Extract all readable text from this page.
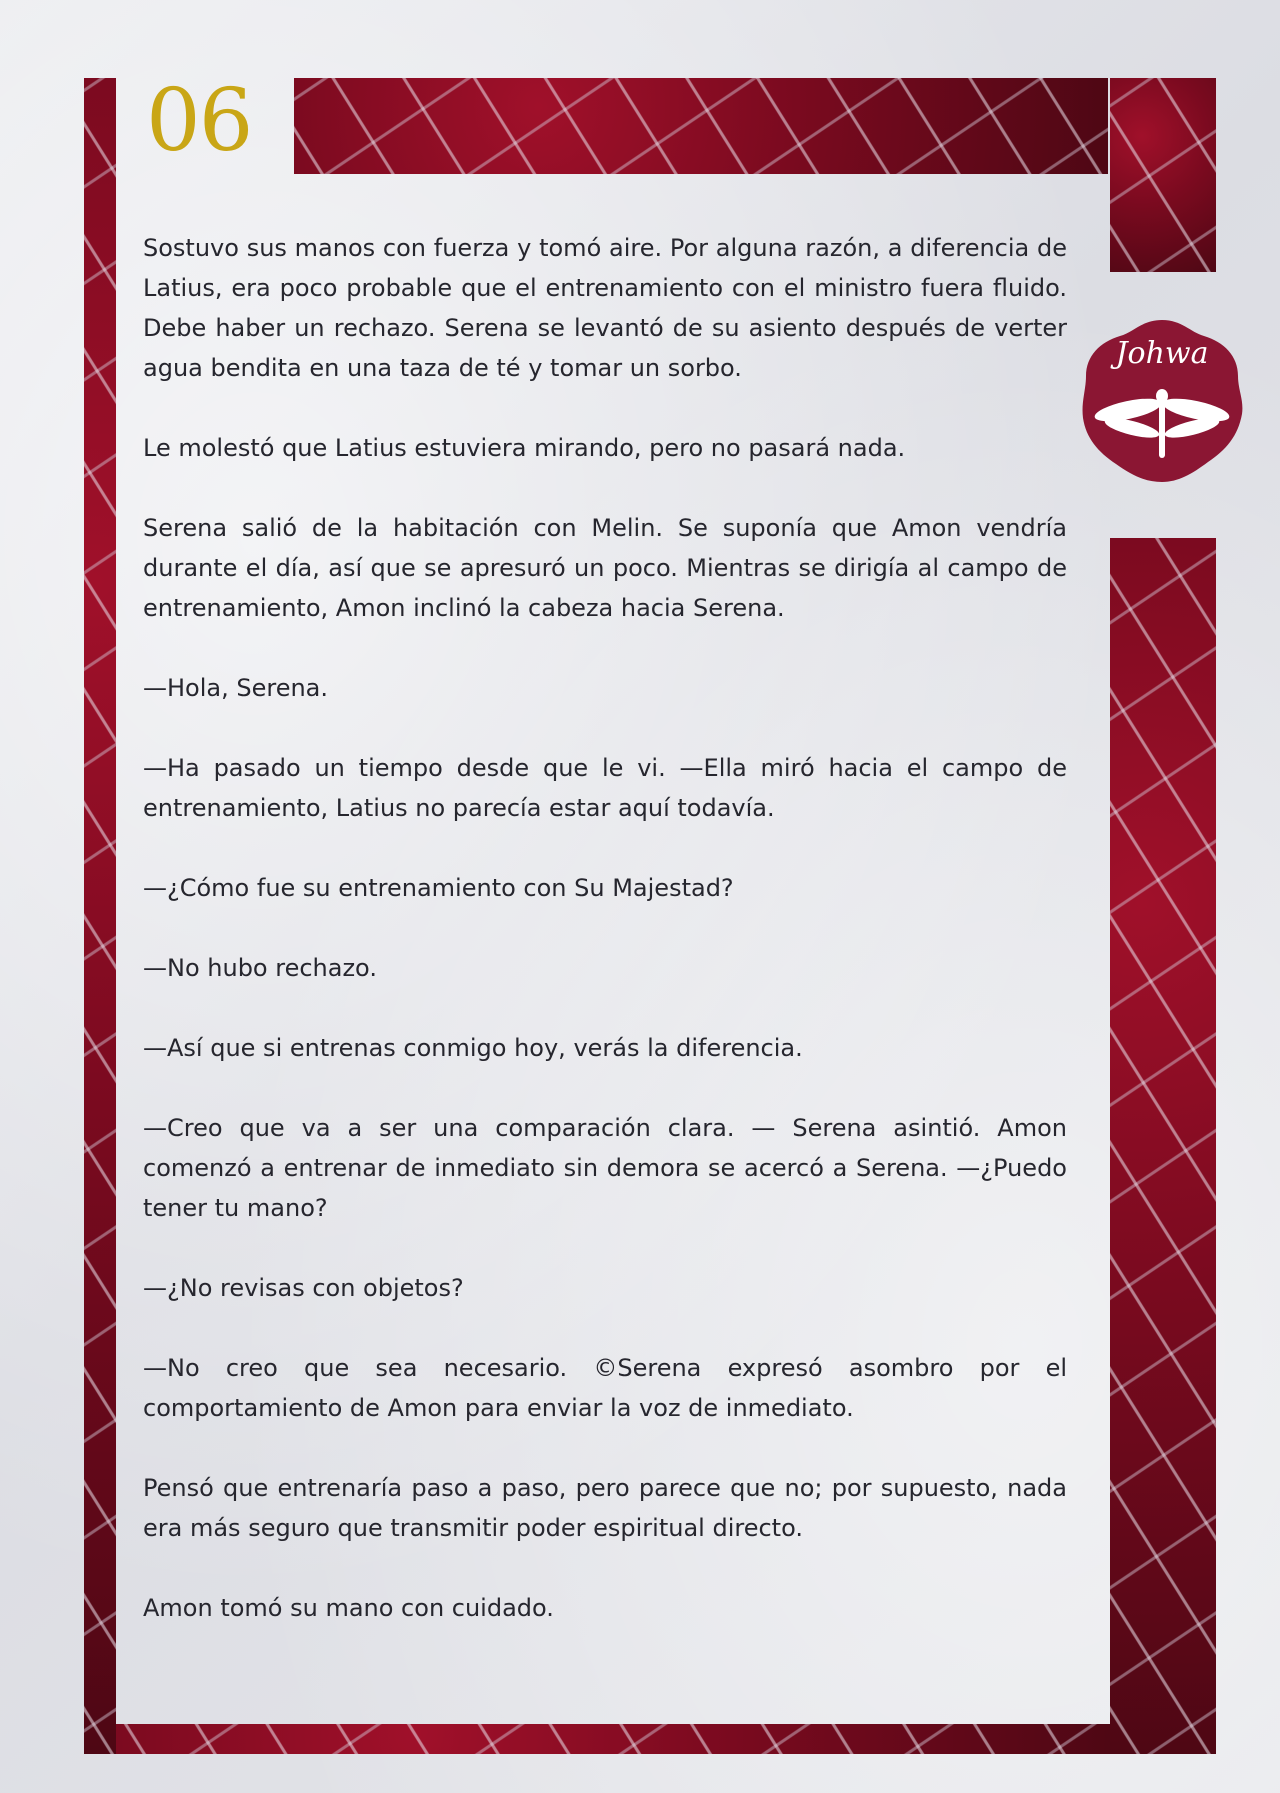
06
Johwa

Sostuvo sus manos con fuerza y tomó aire. Por alguna razón, a diferencia de Latius, era poco probable que el entrenamiento con el ministro fuera fluido. Debe haber un rechazo. Serena se levantó de su asiento después de verter agua bendita en una taza de té y tomar un sorbo.

Le molestó que Latius estuviera mirando, pero no pasará nada.

Serena salió de la habitación con Melin. Se suponía que Amon vendría durante el día, así que se apresuró un poco. Mientras se dirigía al campo de entrenamiento, Amon inclinó la cabeza hacia Serena.

—Hola, Serena.

—Ha pasado un tiempo desde que le vi. —Ella miró hacia el campo de entrenamiento, Latius no parecía estar aquí todavía.

—¿Cómo fue su entrenamiento con Su Majestad?

—No hubo rechazo.

—Así que si entrenas conmigo hoy, verás la diferencia.

—Creo que va a ser una comparación clara. — Serena asintió. Amon comenzó a entrenar de inmediato sin demora se acercó a Serena. —¿Puedo tener tu mano?

—¿No revisas con objetos?

—No creo que sea necesario. ©Serena expresó asombro por el comportamiento de Amon para enviar la voz de inmediato.

Pensó que entrenaría paso a paso, pero parece que no; por supuesto, nada era más seguro que transmitir poder espiritual directo.

Amon tomó su mano con cuidado.
